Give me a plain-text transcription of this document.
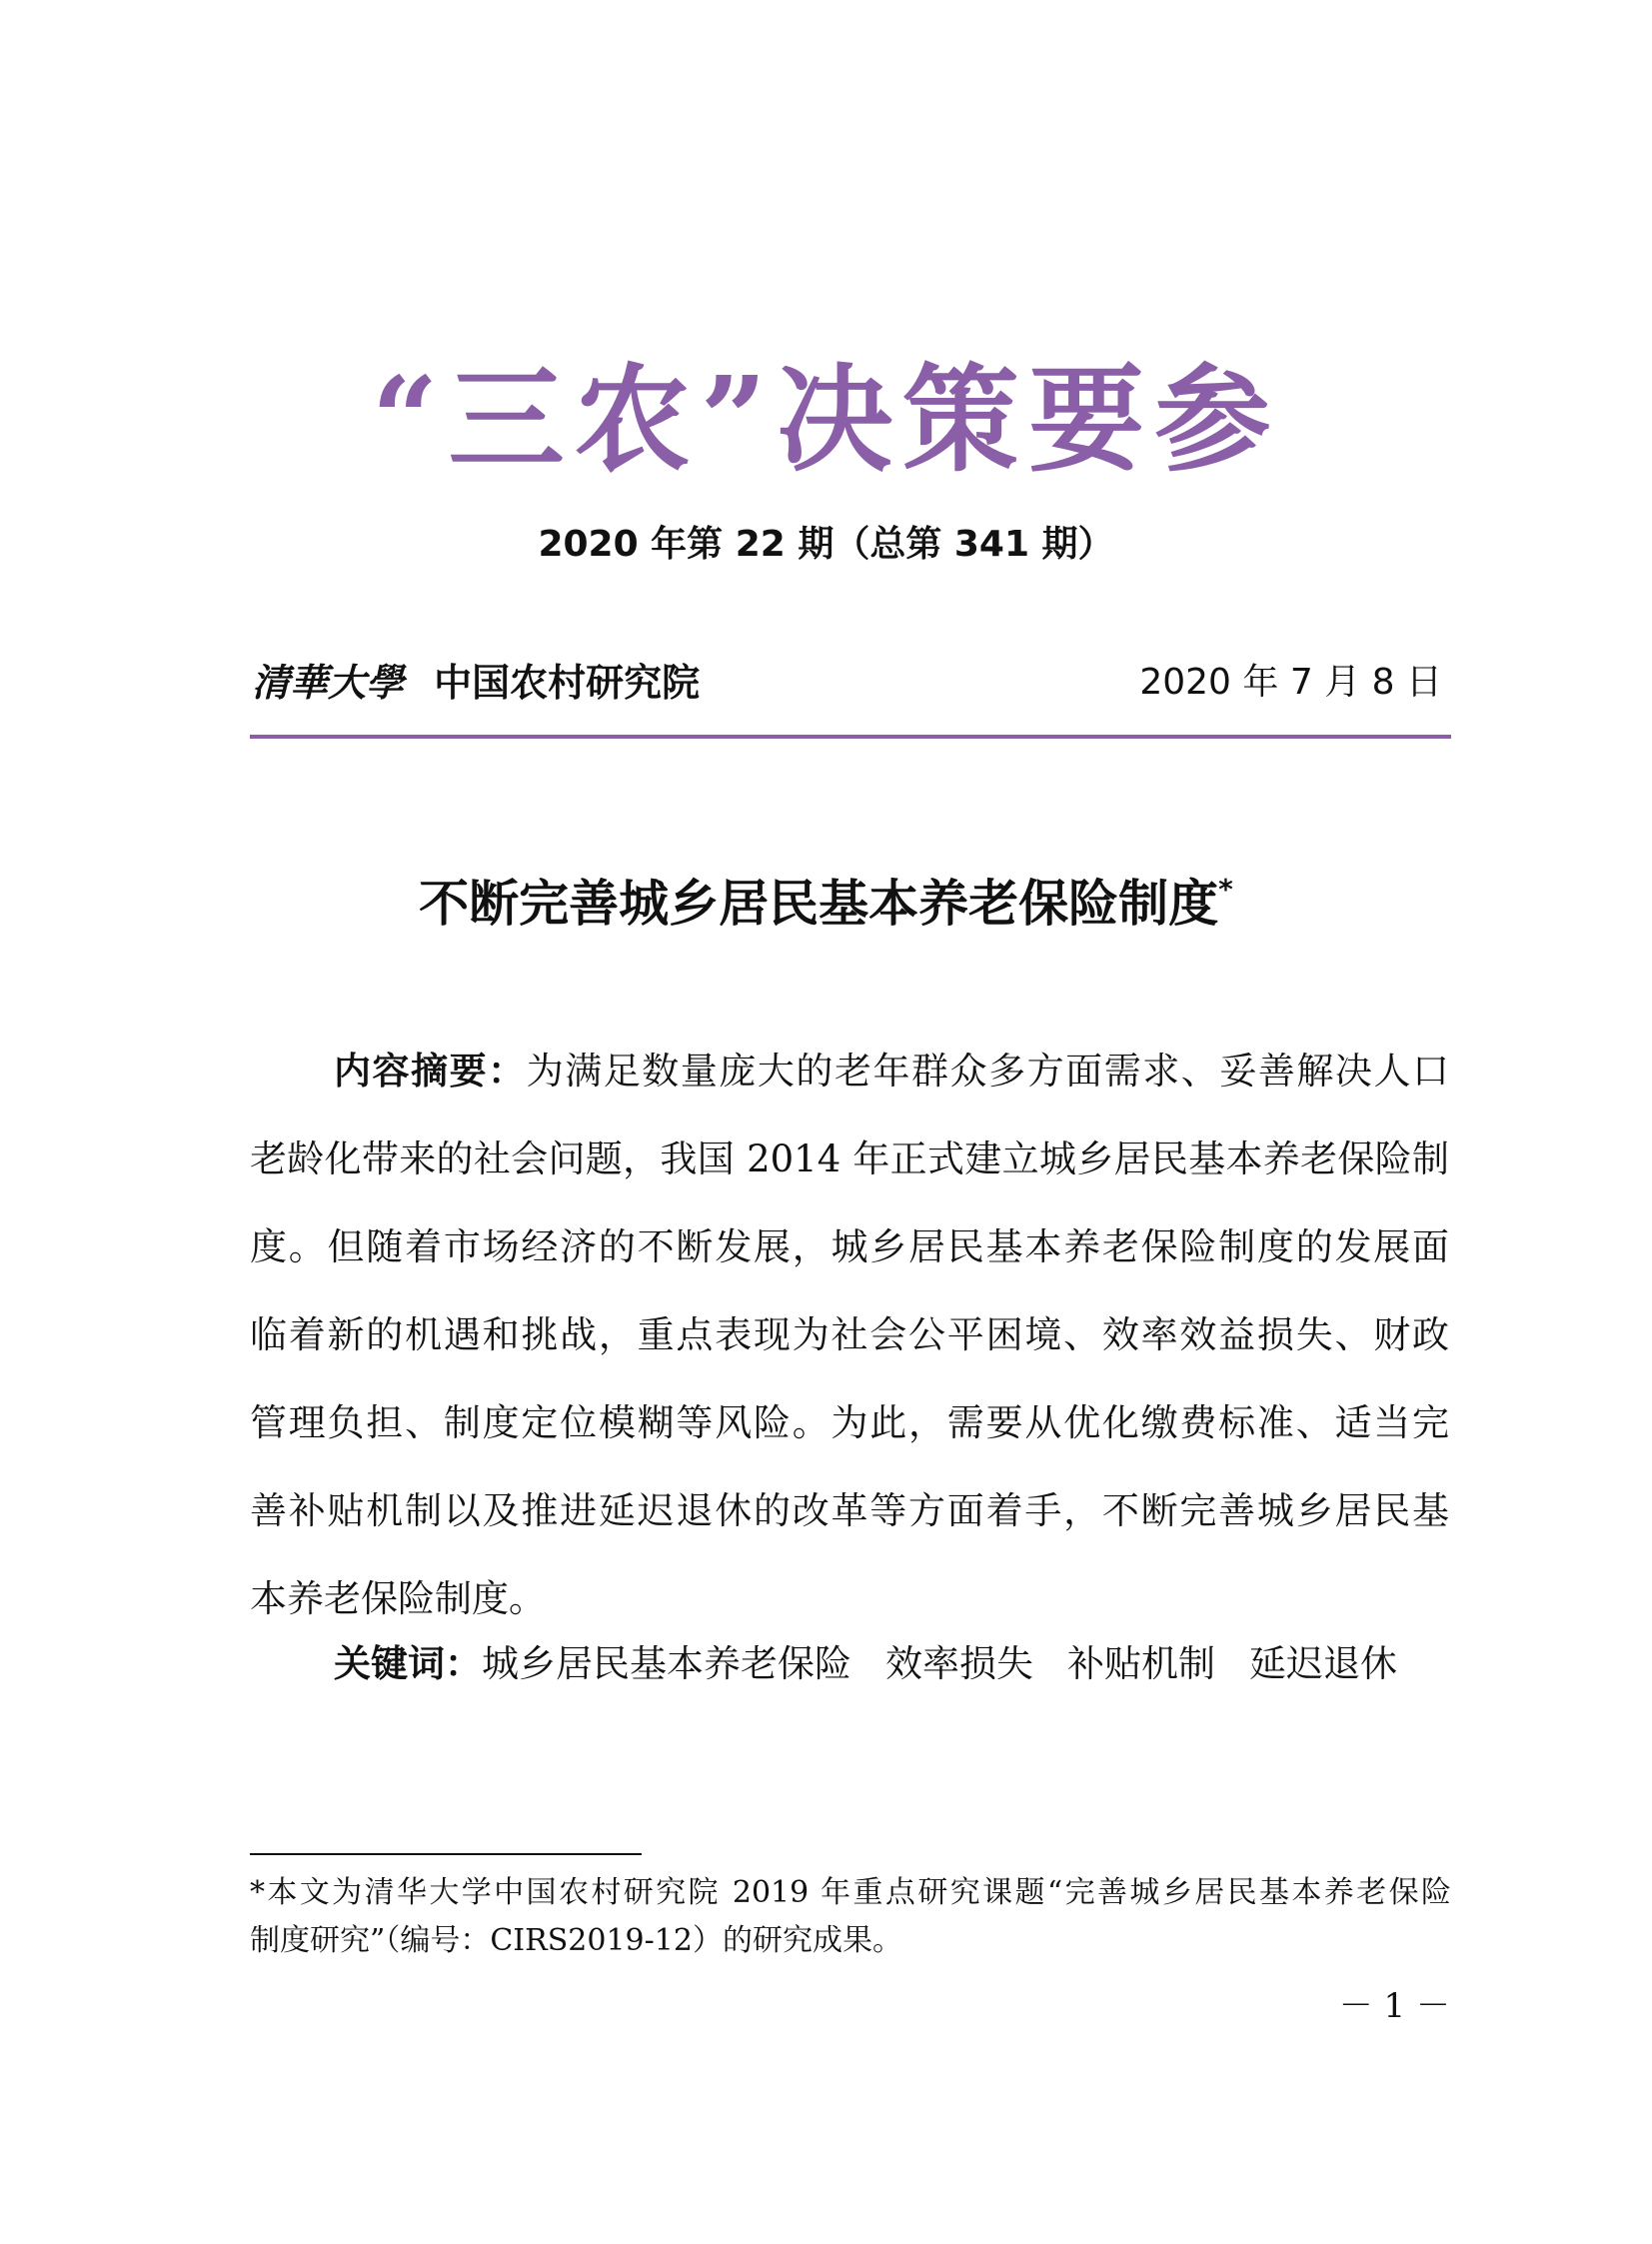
“三农”决策要参
2020 年第 22 期（总第 341 期）
清華大學 中国农村研究院	2020 年 7 月 8 日
不断完善城乡居民基本养老保险制度*
内容摘要：为满足数量庞大的老年群众多方面需求、妥善解决人口
老龄化带来的社会问题，我国 2014 年正式建立城乡居民基本养老保险制
度。但随着市场经济的不断发展，城乡居民基本养老保险制度的发展面
临着新的机遇和挑战，重点表现为社会公平困境、效率效益损失、财政
管理负担、制度定位模糊等风险。为此，需要从优化缴费标准、适当完
善补贴机制以及推进延迟退休的改革等方面着手，不断完善城乡居民基
本养老保险制度。
关键词：城乡居民基本养老保险 效率损失 补贴机制 延迟退休
*本文为清华大学中国农村研究院 2019 年重点研究课题“完善城乡居民基本养老保险
制度研究”（编号：CIRS2019-12）的研究成果。
－ 1 －
